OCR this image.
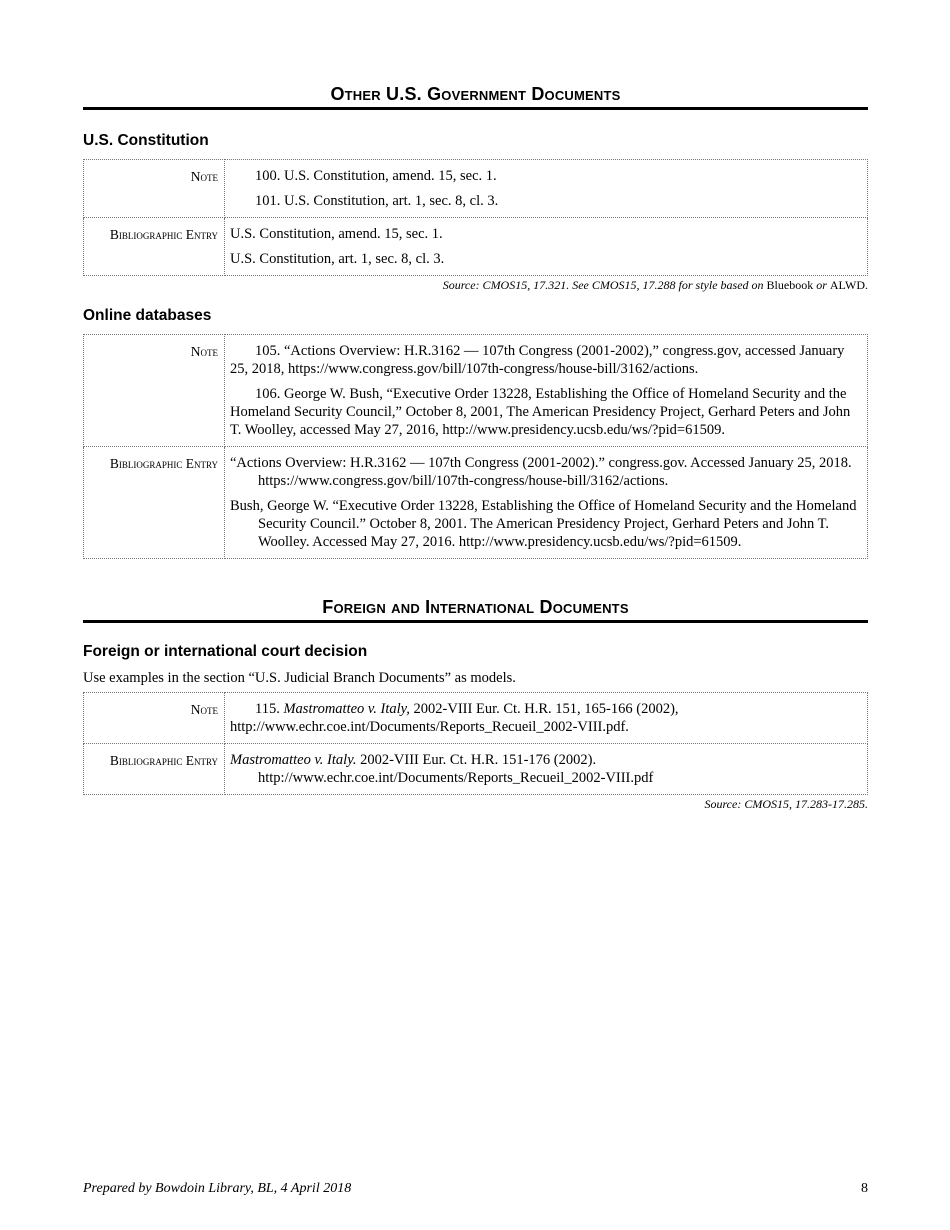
Other U.S. Government Documents
U.S. Constitution
Note	100. U.S. Constitution, amend. 15, sec. 1.
101. U.S. Constitution, art. 1, sec. 8, cl. 3.

Bibliographic Entry	U.S. Constitution, amend. 15, sec. 1.
U.S. Constitution, art. 1, sec. 8, cl. 3.
Source: CMOS15, 17.321. See CMOS15, 17.288 for style based on Bluebook or ALWD.
Online databases
Note	105. “Actions Overview: H.R.3162 — 107th Congress (2001-2002),” congress.gov, accessed January 25, 2018, https://www.congress.gov/bill/107th-congress/house-bill/3162/actions.
106. George W. Bush, “Executive Order 13228, Establishing the Office of Homeland Security and the Homeland Security Council,” October 8, 2001, The American Presidency Project, Gerhard Peters and John T. Woolley, accessed May 27, 2016, http://www.presidency.ucsb.edu/ws/?pid=61509.

Bibliographic Entry	“Actions Overview: H.R.3162 — 107th Congress (2001-2002).” congress.gov. Accessed January 25, 2018. https://www.congress.gov/bill/107th-congress/house-bill/3162/actions.
Bush, George W. “Executive Order 13228, Establishing the Office of Homeland Security and the Homeland Security Council.” October 8, 2001. The American Presidency Project, Gerhard Peters and John T. Woolley. Accessed May 27, 2016. http://www.presidency.ucsb.edu/ws/?pid=61509.
Foreign and International Documents
Foreign or international court decision
Use examples in the section “U.S. Judicial Branch Documents” as models.
Note	115. Mastromatteo v. Italy, 2002-VIII Eur. Ct. H.R. 151, 165-166 (2002), http://www.echr.coe.int/Documents/Reports_Recueil_2002-VIII.pdf.

Bibliographic Entry	Mastromatteo v. Italy. 2002-VIII Eur. Ct. H.R. 151-176 (2002). http://www.echr.coe.int/Documents/Reports_Recueil_2002-VIII.pdf
Source: CMOS15, 17.283-17.285.
Prepared by Bowdoin Library, BL, 4 April 2018	8
